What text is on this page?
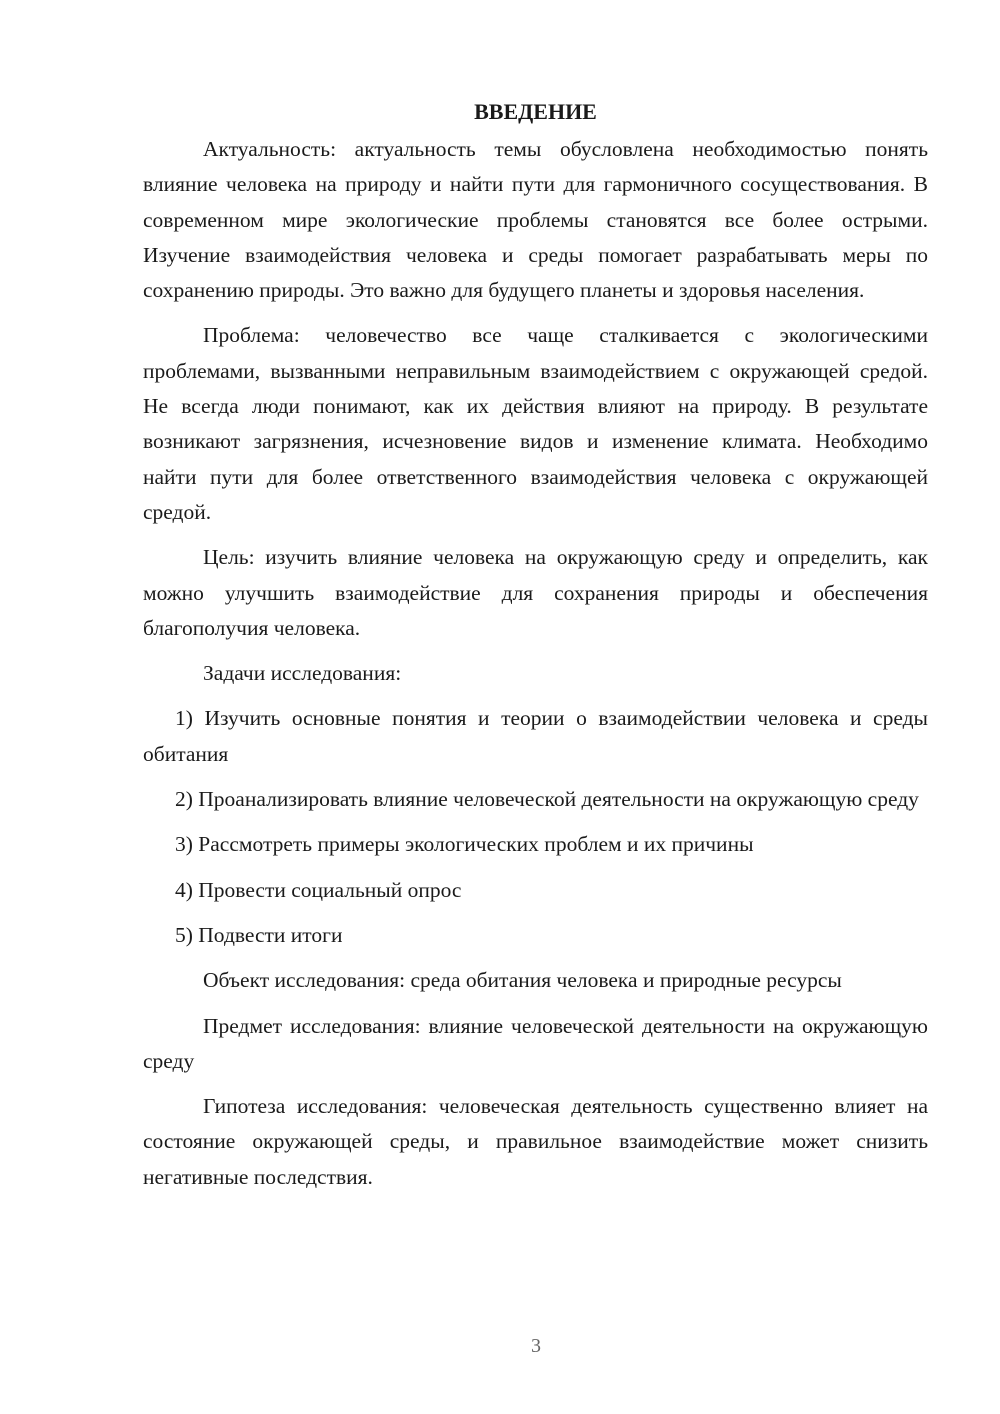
ВВЕДЕНИЕ

Актуальность: актуальность темы обусловлена необходимостью понять влияние человека на природу и найти пути для гармоничного сосуществования. В современном мире экологические проблемы становятся все более острыми. Изучение взаимодействия человека и среды помогает разрабатывать меры по сохранению природы. Это важно для будущего планеты и здоровья населения.

Проблема: человечество все чаще сталкивается с экологическими проблемами, вызванными неправильным взаимодействием с окружающей средой. Не всегда люди понимают, как их действия влияют на природу. В результате возникают загрязнения, исчезновение видов и изменение климата. Необходимо найти пути для более ответственного взаимодействия человека с окружающей средой.

Цель: изучить влияние человека на окружающую среду и определить, как можно улучшить взаимодействие для сохранения природы и обеспечения благополучия человека.

Задачи исследования:

1) Изучить основные понятия и теории о взаимодействии человека и среды обитания

2) Проанализировать влияние человеческой деятельности на окружающую среду

3) Рассмотреть примеры экологических проблем и их причины

4) Провести социальный опрос

5) Подвести итоги

Объект исследования: среда обитания человека и природные ресурсы

Предмет исследования: влияние человеческой деятельности на окружающую среду

Гипотеза исследования: человеческая деятельность существенно влияет на состояние окружающей среды, и правильное взаимодействие может снизить негативные последствия.

3
